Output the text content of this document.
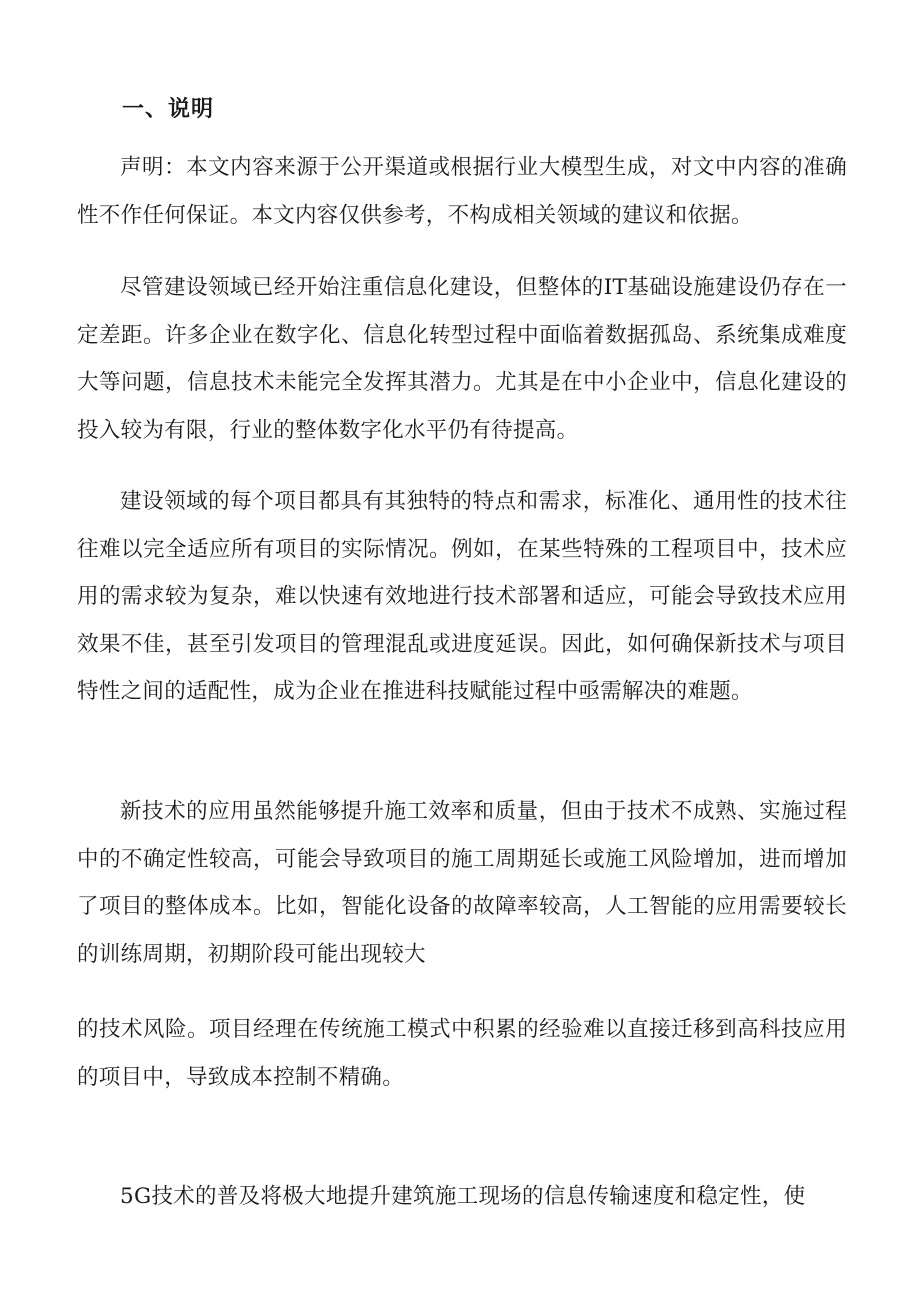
一、说明

声明：本文内容来源于公开渠道或根据行业大模型生成，对文中内容的准确性不作任何保证。本文内容仅供参考，不构成相关领域的建议和依据。

尽管建设领域已经开始注重信息化建设，但整体的IT基础设施建设仍存在一定差距。许多企业在数字化、信息化转型过程中面临着数据孤岛、系统集成难度大等问题，信息技术未能完全发挥其潜力。尤其是在中小企业中，信息化建设的投入较为有限，行业的整体数字化水平仍有待提高。

建设领域的每个项目都具有其独特的特点和需求，标准化、通用性的技术往往难以完全适应所有项目的实际情况。例如，在某些特殊的工程项目中，技术应用的需求较为复杂，难以快速有效地进行技术部署和适应，可能会导致技术应用效果不佳，甚至引发项目的管理混乱或进度延误。因此，如何确保新技术与项目特性之间的适配性，成为企业在推进科技赋能过程中亟需解决的难题。

新技术的应用虽然能够提升施工效率和质量，但由于技术不成熟、实施过程中的不确定性较高，可能会导致项目的施工周期延长或施工风险增加，进而增加了项目的整体成本。比如，智能化设备的故障率较高，人工智能的应用需要较长的训练周期，初期阶段可能出现较大

的技术风险。项目经理在传统施工模式中积累的经验难以直接迁移到高科技应用的项目中，导致成本控制不精确。

5G技术的普及将极大地提升建筑施工现场的信息传输速度和稳定性，使
